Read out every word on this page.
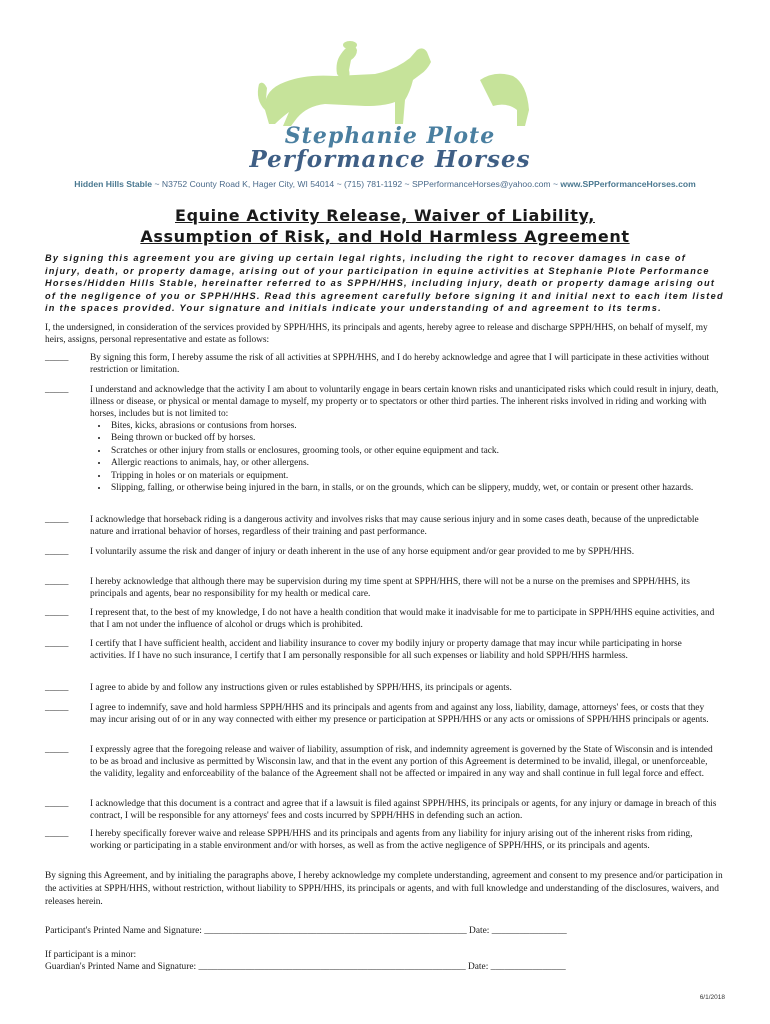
Stephanie Plote
Performance Horses
Hidden Hills Stable ~ N3752 County Road K, Hager City, WI 54014 ~ (715) 781-1192 ~ SPPerformanceHorses@yahoo.com ~ www.SPPerformanceHorses.com
Equine Activity Release, Waiver of Liability,
Assumption of Risk, and Hold Harmless Agreement
By signing this agreement you are giving up certain legal rights, including the right to recover damages in case of injury, death, or property damage, arising out of your participation in equine activities at Stephanie Plote Performance Horses/Hidden Hills Stable, hereinafter referred to as SPPH/HHS, including injury, death or property damage arising out of the negligence of you or SPPH/HHS. Read this agreement carefully before signing it and initial next to each item listed in the spaces provided. Your signature and initials indicate your understanding of and agreement to its terms.
I, the undersigned, in consideration of the services provided by SPPH/HHS, its principals and agents, hereby agree to release and discharge SPPH/HHS, on behalf of myself, my heirs, assigns, personal representative and estate as follows:
_____	By signing this form, I hereby assume the risk of all activities at SPPH/HHS, and I do hereby acknowledge and agree that I will participate in these activities without restriction or limitation.
_____	I understand and acknowledge that the activity I am about to voluntarily engage in bears certain known risks and unanticipated risks which could result in injury, death, illness or disease, or physical or mental damage to myself, my property or to spectators or other third parties. The inherent risks involved in riding and working with horses, includes but is not limited to:
• Bites, kicks, abrasions or contusions from horses.
• Being thrown or bucked off by horses.
• Scratches or other injury from stalls or enclosures, grooming tools, or other equine equipment and tack.
• Allergic reactions to animals, hay, or other allergens.
• Tripping in holes or on materials or equipment.
• Slipping, falling, or otherwise being injured in the barn, in stalls, or on the grounds, which can be slippery, muddy, wet, or contain or present other hazards.
_____	I acknowledge that horseback riding is a dangerous activity and involves risks that may cause serious injury and in some cases death, because of the unpredictable nature and irrational behavior of horses, regardless of their training and past performance.
_____	I voluntarily assume the risk and danger of injury or death inherent in the use of any horse equipment and/or gear provided to me by SPPH/HHS.
_____	I hereby acknowledge that although there may be supervision during my time spent at SPPH/HHS, there will not be a nurse on the premises and SPPH/HHS, its principals and agents, bear no responsibility for my health or medical care.
_____	I represent that, to the best of my knowledge, I do not have a health condition that would make it inadvisable for me to participate in SPPH/HHS equine activities, and that I am not under the influence of alcohol or drugs which is prohibited.
_____	I certify that I have sufficient health, accident and liability insurance to cover my bodily injury or property damage that may incur while participating in horse activities. If I have no such insurance, I certify that I am personally responsible for all such expenses or liability and hold SPPH/HHS harmless.
_____	I agree to abide by and follow any instructions given or rules established by SPPH/HHS, its principals or agents.
_____	I agree to indemnify, save and hold harmless SPPH/HHS and its principals and agents from and against any loss, liability, damage, attorneys' fees, or costs that they may incur arising out of or in any way connected with either my presence or participation at SPPH/HHS or any acts or omissions of SPPH/HHS principals or agents.
_____	I expressly agree that the foregoing release and waiver of liability, assumption of risk, and indemnity agreement is governed by the State of Wisconsin and is intended to be as broad and inclusive as permitted by Wisconsin law, and that in the event any portion of this Agreement is determined to be invalid, illegal, or unenforceable, the validity, legality and enforceability of the balance of the Agreement shall not be affected or impaired in any way and shall continue in full legal force and effect.
_____	I acknowledge that this document is a contract and agree that if a lawsuit is filed against SPPH/HHS, its principals or agents, for any injury or damage in breach of this contract, I will be responsible for any attorneys' fees and costs incurred by SPPH/HHS in defending such an action.
_____	I hereby specifically forever waive and release SPPH/HHS and its principals and agents from any liability for injury arising out of the inherent risks from riding, working or participating in a stable environment and/or with horses, as well as from the active negligence of SPPH/HHS, or its principals and agents.
By signing this Agreement, and by initialing the paragraphs above, I hereby acknowledge my complete understanding, agreement and consent to my presence and/or participation in the activities at SPPH/HHS, without restriction, without liability to SPPH/HHS, its principals or agents, and with full knowledge and understanding of the disclosures, waivers, and releases herein.
Participant's Printed Name and Signature: ________________________________________________________ Date: ________________
If participant is a minor:
Guardian's Printed Name and Signature: _________________________________________________________ Date: ________________
6/1/2018
